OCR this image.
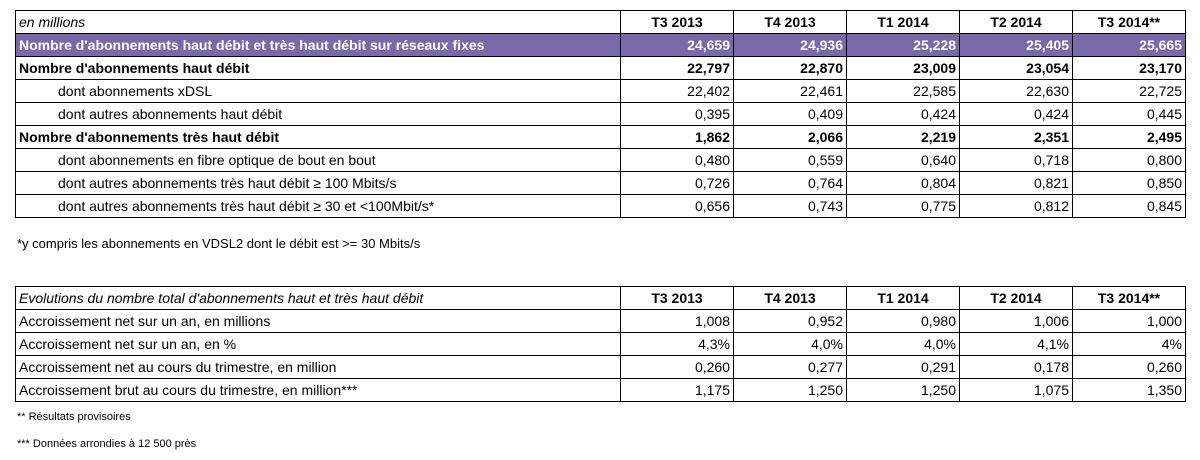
en millions	T3 2013	T4 2013	T1 2014	T2 2014	T3 2014**
Nombre d'abonnements haut débit et très haut débit sur réseaux fixes	24,659	24,936	25,228	25,405	25,665
Nombre d'abonnements haut débit	22,797	22,870	23,009	23,054	23,170
dont abonnements xDSL	22,402	22,461	22,585	22,630	22,725
dont autres abonnements haut débit	0,395	0,409	0,424	0,424	0,445
Nombre d'abonnements très haut débit	1,862	2,066	2,219	2,351	2,495
dont abonnements en fibre optique de bout en bout	0,480	0,559	0,640	0,718	0,800
dont autres abonnements très haut débit ≥ 100 Mbits/s	0,726	0,764	0,804	0,821	0,850
dont autres abonnements très haut débit ≥ 30 et <100Mbit/s*	0,656	0,743	0,775	0,812	0,845
*y compris les abonnements en VDSL2 dont le débit est >= 30 Mbits/s
Evolutions du nombre total d'abonnements haut et très haut débit	T3 2013	T4 2013	T1 2014	T2 2014	T3 2014**
Accroissement net sur un an, en millions	1,008	0,952	0,980	1,006	1,000
Accroissement net sur un an, en %	4,3%	4,0%	4,0%	4,1%	4%
Accroissement net au cours du trimestre, en million	0,260	0,277	0,291	0,178	0,260
Accroissement brut au cours du trimestre, en million***	1,175	1,250	1,250	1,075	1,350
** Résultats provisoires
*** Données arrondies à 12 500 près
